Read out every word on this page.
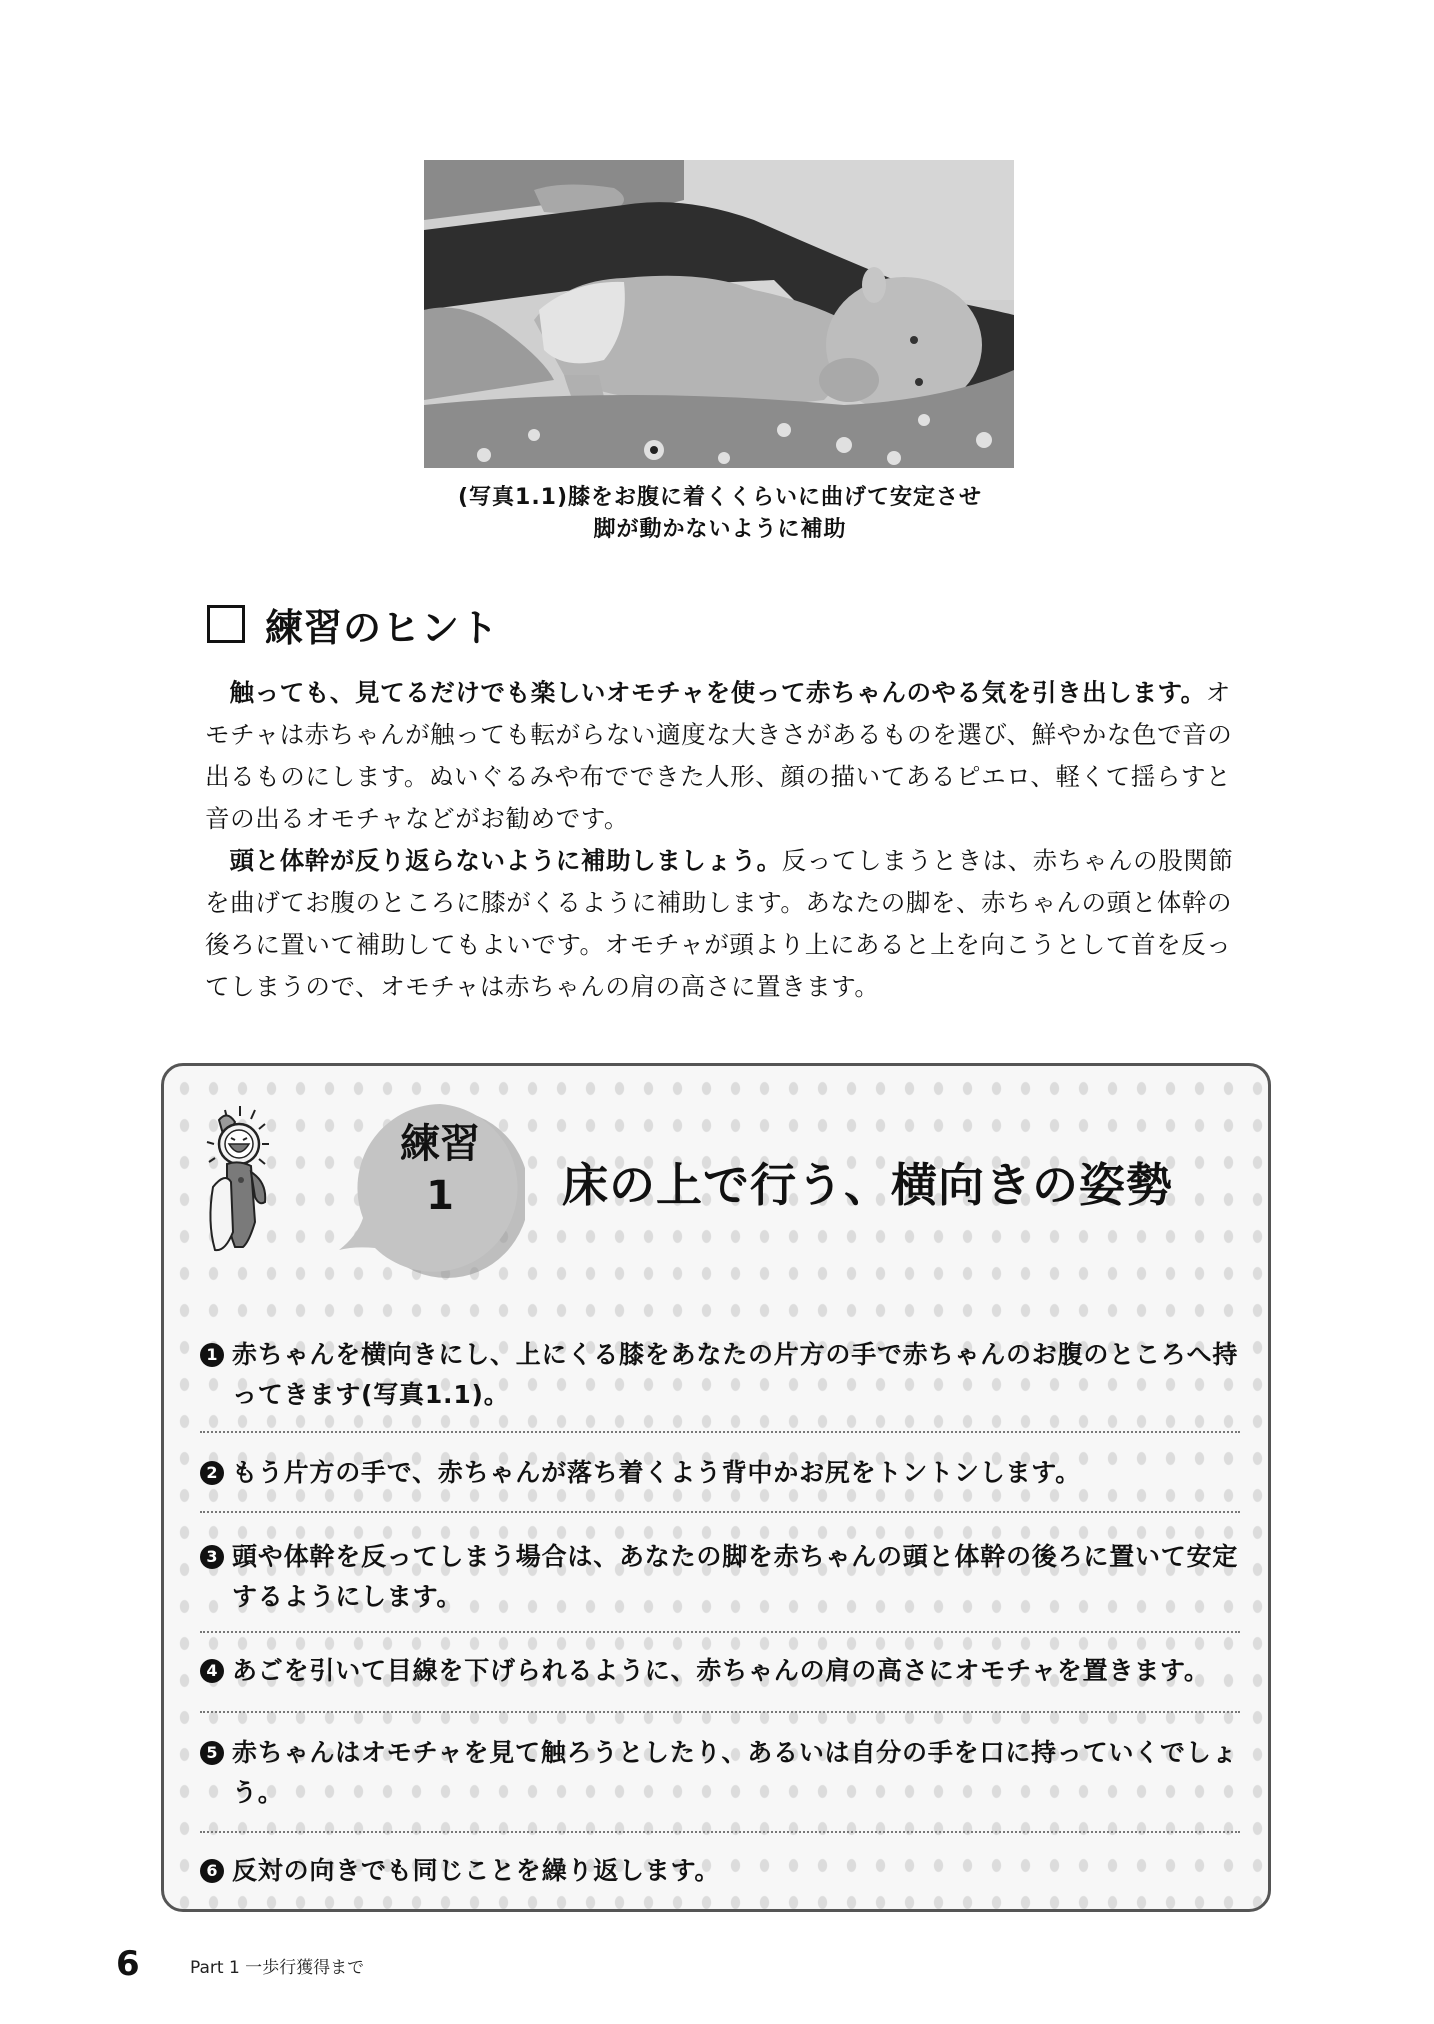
(写真1.1)膝をお腹に着くくらいに曲げて安定させ
脚が動かないように補助
練習のヒント

触っても、見てるだけでも楽しいオモチャを使って赤ちゃんのやる気を引き出します。オモチャは赤ちゃんが触っても転がらない適度な大きさがあるものを選び、鮮やかな色で音の出るものにします。ぬいぐるみや布でできた人形、顔の描いてあるピエロ、軽くて揺らすと音の出るオモチャなどがお勧めです。

頭と体幹が反り返らないように補助しましょう。反ってしまうときは、赤ちゃんの股関節を曲げてお腹のところに膝がくるように補助します。あなたの脚を、赤ちゃんの頭と体幹の後ろに置いて補助してもよいです。オモチャが頭より上にあると上を向こうとして首を反ってしまうので、オモチャは赤ちゃんの肩の高さに置きます。

練習
1	床の上で行う、横向きの姿勢
1 赤ちゃんを横向きにし、上にくる膝をあなたの片方の手で赤ちゃんのお腹のところへ持ってきます(写真1.1)。
2 もう片方の手で、赤ちゃんが落ち着くよう背中かお尻をトントンします。
3 頭や体幹を反ってしまう場合は、あなたの脚を赤ちゃんの頭と体幹の後ろに置いて安定するようにします。
4 あごを引いて目線を下げられるように、赤ちゃんの肩の高さにオモチャを置きます。
5 赤ちゃんはオモチャを見て触ろうとしたり、あるいは自分の手を口に持っていくでしょう。
6 反対の向きでも同じことを繰り返します。
6	Part 1 一歩行獲得まで
